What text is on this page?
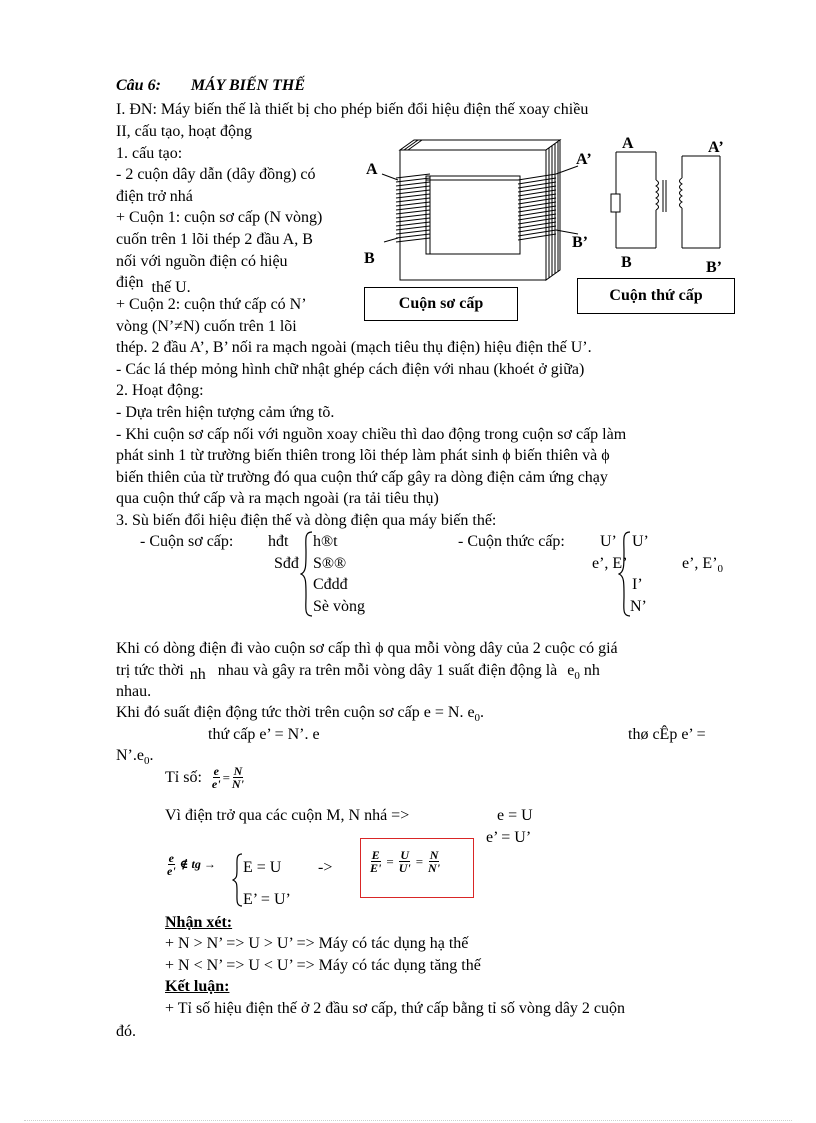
Câu 6: MÁY BIẾN THẾ
I. ĐN: Máy biến thế là thiết bị cho phép biến đổi hiệu điện thế xoay chiều
II, cấu tạo, hoạt động
1. cấu tạo:
- 2 cuộn dây dẫn (dây đồng) có
điện trở nhá
+ Cuộn 1: cuộn sơ cấp (N vòng)
cuốn trên 1 lõi thép 2 đầu A, B
nối với nguồn điện có hiệu
điện thế U.
+ Cuộn 2: cuộn thứ cấp có N’
vòng (N’≠N) cuốn trên 1 lõi
thép. 2 đầu A’, B’ nối ra mạch ngoài (mạch tiêu thụ điện) hiệu điện thế U’.
- Các lá thép mỏng hình chữ nhật ghép cách điện với nhau (khoét ở giữa)
2. Hoạt động:
- Dựa trên hiện tượng cảm ứng tõ.
- Khi cuộn sơ cấp nối với nguồn xoay chiều thì dao động trong cuộn sơ cấp làm
phát sinh 1 từ trường biến thiên trong lõi thép làm phát sinh ϕ biến thiên và ϕ
biến thiên của từ trường đó qua cuộn thứ cấp gây ra dòng điện cảm ứng chạy
qua cuộn thứ cấp và ra mạch ngoài (ra tải tiêu thụ)
3. Sù biến đổi hiệu điện thế và dòng điện qua máy biến thế:
A
B
A’
B’
A
B
A’
B’
Cuộn sơ cấp	Cuộn thứ cấp
- Cuộn sơ cấp: hđt
Sđđ
h®t
S®®
Cđdđ
Sè vòng
- Cuộn thức cấp: U’
e’, E’
U’
e’, $E’_0$
I’
N’
Khi có dòng điện đi vào cuộn sơ cấp thì ϕ qua mỗi vòng dây của 2 cuộc có giá
trị tức thời nh nhau và gây ra trên mỗi vòng dây 1 suất điện động là $e_0$ nh
nhau.
Khi đó suất điện động tức thời trên cuộn sơ cấp e = N. $e_0$.
thứ cấp e’ = N’. e	thø cÊp e’ =
$N’.e_0$.
Tỉ số: $\frac{e}{e'} = \frac{N}{N'}$
Vì điện trở qua các cuộn M, N nhá =>	e = U
e’ = U’
$\frac{e}{e'}$ ∉ tg → E = U ->
E’ = U’
$\frac{E}{E'} = \frac{U}{U'} = \frac{N}{N'}$
Nhận xét:
+ N > N’ => U > U’ => Máy có tác dụng hạ thế
+ N < N’ => U < U’ => Máy có tác dụng tăng thế
Kết luận:
+ Tỉ số hiệu điện thế ở 2 đầu sơ cấp, thứ cấp bằng tỉ số vòng dây 2 cuộn
đó.
